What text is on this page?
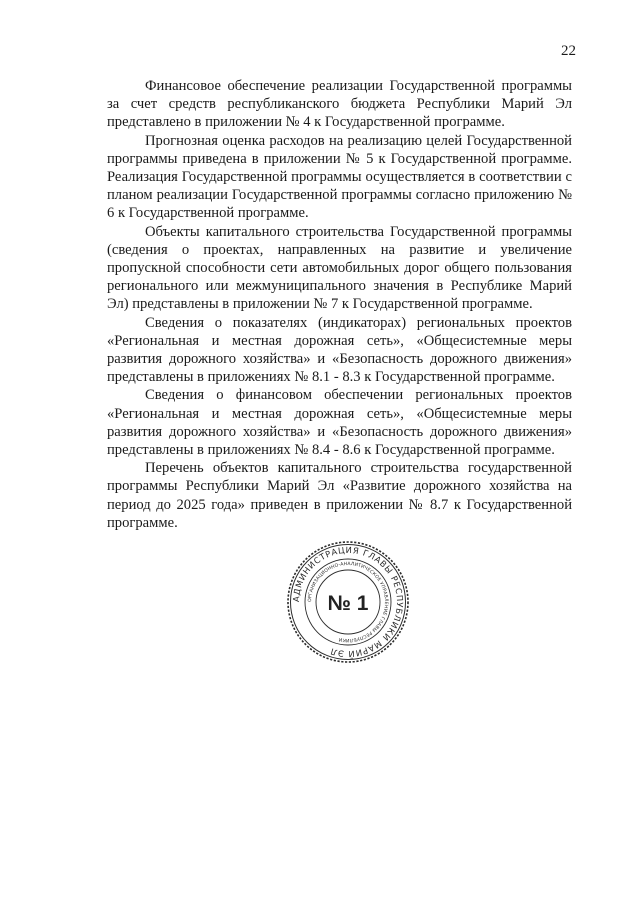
22

Финансовое обеспечение реализации Государственной программы за счет средств республиканского бюджета Республики Марий Эл представлено в приложении № 4 к Государственной программе.

Прогнозная оценка расходов на реализацию целей Государственной программы приведена в приложении № 5 к Государственной программе. Реализация Государственной программы осуществляется в соответствии с планом реализации Государственной программы согласно приложению № 6 к Государственной программе.

Объекты капитального строительства Государственной программы (сведения о проектах, направленных на развитие и увеличение пропускной способности сети автомобильных дорог общего пользования регионального или межмуниципального значения в Республике Марий Эл) представлены в приложении № 7 к Государственной программе.

Сведения о показателях (индикаторах) региональных проектов «Региональная и местная дорожная сеть», «Общесистемные меры развития дорожного хозяйства» и «Безопасность дорожного движения» представлены в приложениях № 8.1 - 8.3 к Государственной программе.

Сведения о финансовом обеспечении региональных проектов «Региональная и местная дорожная сеть», «Общесистемные меры развития дорожного хозяйства» и «Безопасность дорожного движения» представлены в приложениях № 8.4 - 8.6 к Государственной программе.

Перечень объектов капитального строительства государственной программы Республики Марий Эл «Развитие дорожного хозяйства на период до 2025 года» приведен в приложении № 8.7 к Государственной программе.

АДМИНИСТРАЦИЯ ГЛАВЫ РЕСПУБЛИКИ МАРИЙ ЭЛ
ОРГАНИЗАЦИОННО-АНАЛИТИЧЕСКОЕ УПРАВЛЕНИЕ ГЛАВЫ РЕСПУБЛИКИ
№ 1
